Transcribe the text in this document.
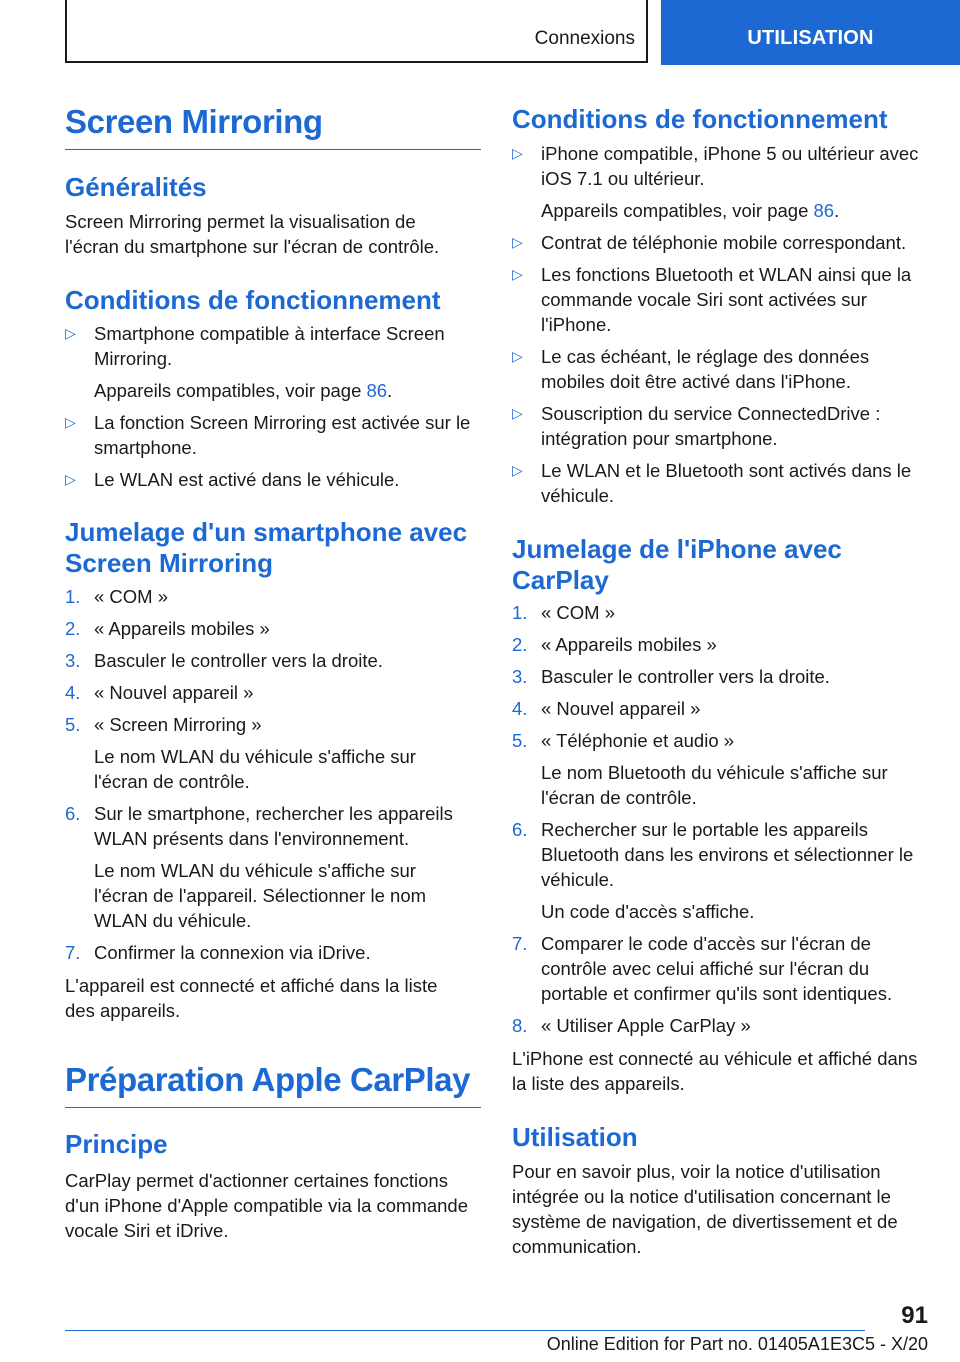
Connexions	UTILISATION
Screen Mirroring
Généralités

Screen Mirroring permet la visualisation de l'écran du smartphone sur l'écran de contrôle.

Conditions de fonctionnement
▷ Smartphone compatible à interface Screen Mirroring.
Appareils compatibles, voir page 86.
▷ La fonction Screen Mirroring est activée sur le smartphone.
▷ Le WLAN est activé dans le véhicule.
Jumelage d'un smartphone avec Screen Mirroring
1. « COM »
2. « Appareils mobiles »
3. Basculer le controller vers la droite.
4. « Nouvel appareil »
5. « Screen Mirroring »
Le nom WLAN du véhicule s'affiche sur l'écran de contrôle.
6. Sur le smartphone, rechercher les appareils WLAN présents dans l'environnement.
Le nom WLAN du véhicule s'affiche sur l'écran de l'appareil. Sélectionner le nom WLAN du véhicule.
7. Confirmer la connexion via iDrive.

L'appareil est connecté et affiché dans la liste des appareils.

Préparation Apple CarPlay
Principe

CarPlay permet d'actionner certaines fonctions d'un iPhone d'Apple compatible via la commande vocale Siri et iDrive.

Conditions de fonctionnement
▷ iPhone compatible, iPhone 5 ou ultérieur avec iOS 7.1 ou ultérieur.
Appareils compatibles, voir page 86.
▷ Contrat de téléphonie mobile correspondant.
▷ Les fonctions Bluetooth et WLAN ainsi que la commande vocale Siri sont activées sur l'iPhone.
▷ Le cas échéant, le réglage des données mobiles doit être activé dans l'iPhone.
▷ Souscription du service ConnectedDrive : intégration pour smartphone.
▷ Le WLAN et le Bluetooth sont activés dans le véhicule.
Jumelage de l'iPhone avec CarPlay
1. « COM »
2. « Appareils mobiles »
3. Basculer le controller vers la droite.
4. « Nouvel appareil »
5. « Téléphonie et audio »
Le nom Bluetooth du véhicule s'affiche sur l'écran de contrôle.
6. Rechercher sur le portable les appareils Bluetooth dans les environs et sélectionner le véhicule.
Un code d'accès s'affiche.
7. Comparer le code d'accès sur l'écran de contrôle avec celui affiché sur l'écran du portable et confirmer qu'ils sont identiques.
8. « Utiliser Apple CarPlay »

L'iPhone est connecté au véhicule et affiché dans la liste des appareils.

Utilisation

Pour en savoir plus, voir la notice d'utilisation intégrée ou la notice d'utilisation concernant le système de navigation, de divertissement et de communication.

91
Online Edition for Part no. 01405A1E3C5 - X/20
